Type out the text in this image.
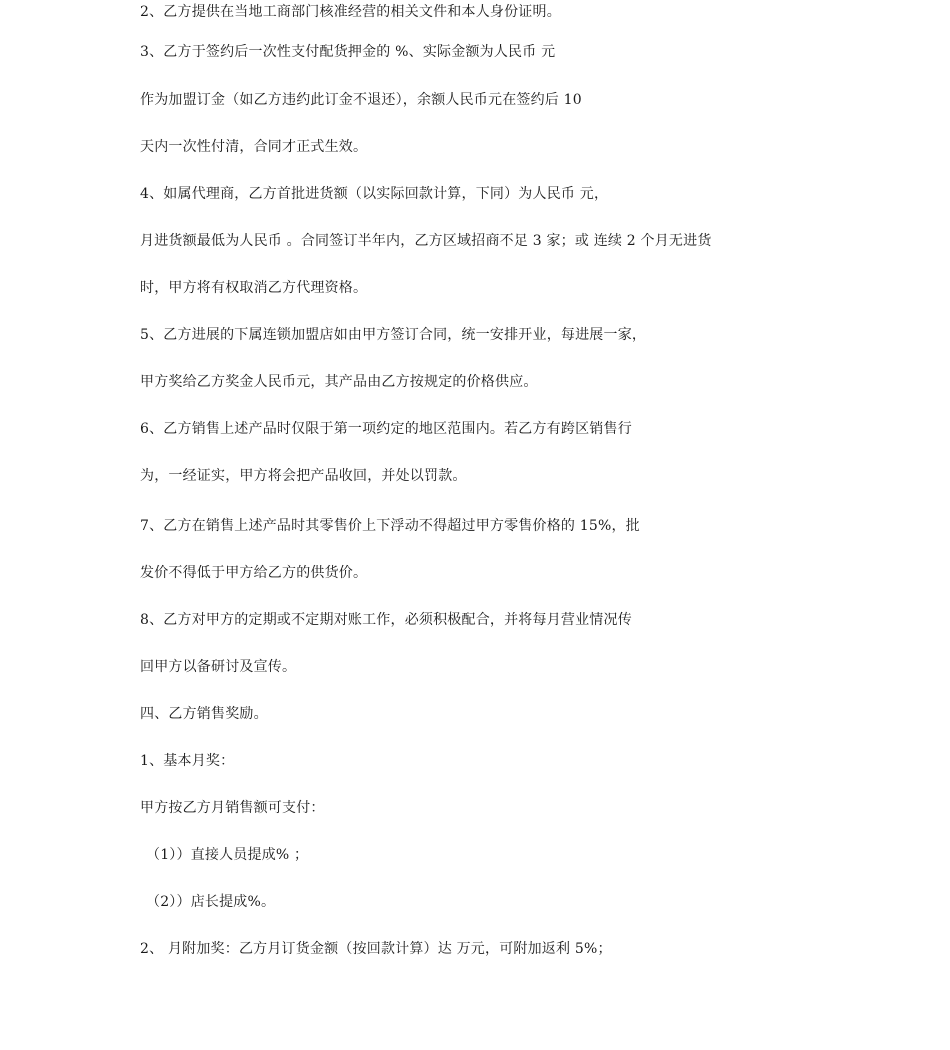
2、乙方提供在当地工商部门核准经营的相关文件和本人身份证明。

3、乙方于签约后一次性支付配货押金的 %、实际金额为人民币 元

作为加盟订金（如乙方违约此订金不退还），余额人民币元在签约后 10

天内一次性付清，合同才正式生效。

4、如属代理商，乙方首批进货额（以实际回款计算，下同）为人民币 元，

月进货额最低为人民币 。合同签订半年内，乙方区域招商不足 3 家；或 连续 2 个月无进货

时，甲方将有权取消乙方代理资格。

5、乙方进展的下属连锁加盟店如由甲方签订合同，统一安排开业，每进展一家，

甲方奖给乙方奖金人民币元，其产品由乙方按规定的价格供应。

6、乙方销售上述产品时仅限于第一项约定的地区范围内。若乙方有跨区销售行

为，一经证实，甲方将会把产品收回，并处以罚款。

7、乙方在销售上述产品时其零售价上下浮动不得超过甲方零售价格的 15%，批

发价不得低于甲方给乙方的供货价。

8、乙方对甲方的定期或不定期对账工作，必须积极配合，并将每月营业情况传

回甲方以备研讨及宣传。

四、乙方销售奖励。

1、基本月奖：

甲方按乙方月销售额可支付：

（1））直接人员提成% ；

（2））店长提成%。

2、 月附加奖：乙方月订货金额（按回款计算）达 万元，可附加返利 5%；
